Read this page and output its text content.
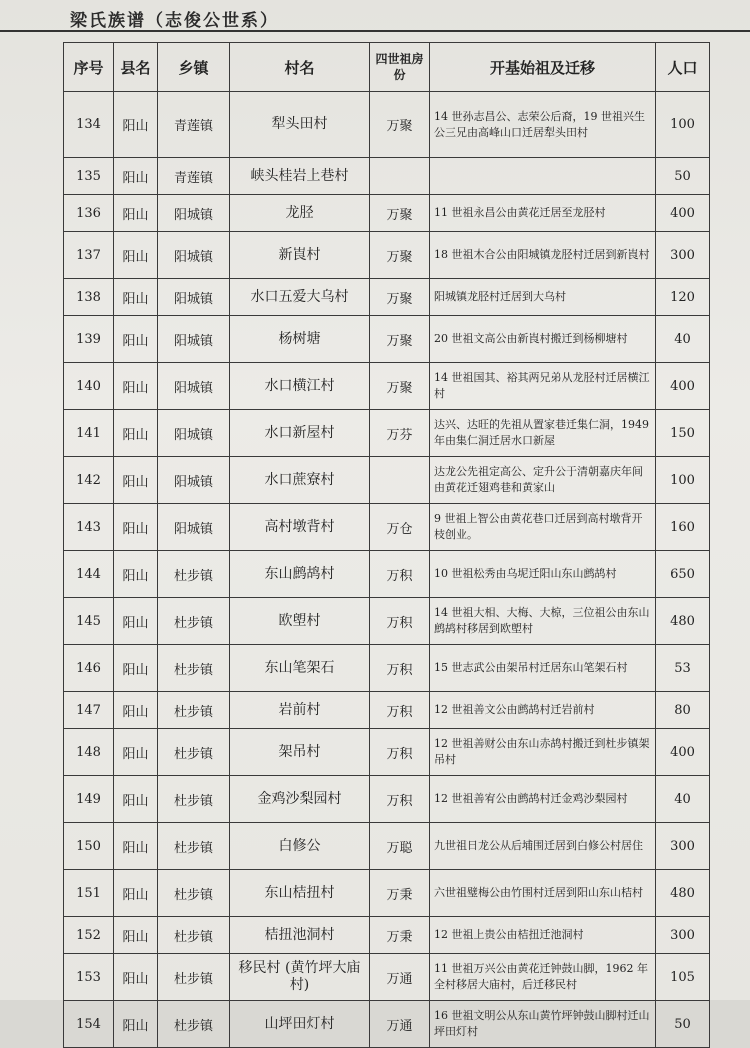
梁氏族谱（志俊公世系）
序号	县名	乡镇	村名	四世祖房份	开基始祖及迁移	人口
134	阳山	青莲镇	犁头田村	万聚	14 世孙志昌公、志荣公后裔，19 世祖兴生公三兄由高峰山口迁居犁头田村	100
135	阳山	青莲镇	峡头桂岩上巷村			50
136	阳山	阳城镇	龙胫	万聚	11 世祖永昌公由黄花迁居至龙胫村	400
137	阳山	阳城镇	新崀村	万聚	18 世祖木合公由阳城镇龙胫村迁居到新崀村	300
138	阳山	阳城镇	水口五爱大乌村	万聚	阳城镇龙胫村迁居到大乌村	120
139	阳山	阳城镇	杨树塘	万聚	20 世祖文高公由新崀村搬迁到杨柳塘村	40
140	阳山	阳城镇	水口横江村	万聚	14 世祖国其、裕其两兄弟从龙胫村迁居横江村	400
141	阳山	阳城镇	水口新屋村	万芬	达兴、达旺的先祖从置家巷迁集仁洞，1949 年由集仁洞迁居水口新屋	150
142	阳山	阳城镇	水口蔗寮村		达龙公先祖定高公、定升公于清朝嘉庆年间由黄花迁翅鸡巷和黄家山	100
143	阳山	阳城镇	高村墩背村	万仓	9 世祖上智公由黄花巷口迁居到高村墩背开枝创业。	160
144	阳山	杜步镇	东山鹧鸪村	万积	10 世祖松秀由乌坭迁阳山东山鹧鸪村	650
145	阳山	杜步镇	欧塱村	万积	14 世祖大相、大梅、大椋，三位祖公由东山鹧鸪村移居到欧塱村	480
146	阳山	杜步镇	东山笔架石	万积	15 世志武公由架吊村迁居东山笔架石村	53
147	阳山	杜步镇	岩前村	万积	12 世祖善文公由鹧鸪村迁岩前村	80
148	阳山	杜步镇	架吊村	万积	12 世祖善财公由东山赤鸪村搬迁到杜步镇架吊村	400
149	阳山	杜步镇	金鸡沙梨园村	万积	12 世祖善宥公由鹧鸪村迁金鸡沙梨园村	40
150	阳山	杜步镇	白修公	万聪	九世祖日龙公从后埔围迁居到白修公村居住	300
151	阳山	杜步镇	东山桔扭村	万秉	六世祖璧梅公由竹围村迁居到阳山东山桔村	480
152	阳山	杜步镇	桔扭池洞村	万秉	12 世祖上贵公由桔扭迁池洞村	300
153	阳山	杜步镇	移民村 (黄竹坪大庙村)	万通	11 世祖万兴公由黄花迁钟鼓山脚，1962 年全村移居大庙村，后迁移民村	105
154	阳山	杜步镇	山坪田灯村	万通	16 世祖文明公从东山黄竹坪钟鼓山脚村迁山坪田灯村	50
